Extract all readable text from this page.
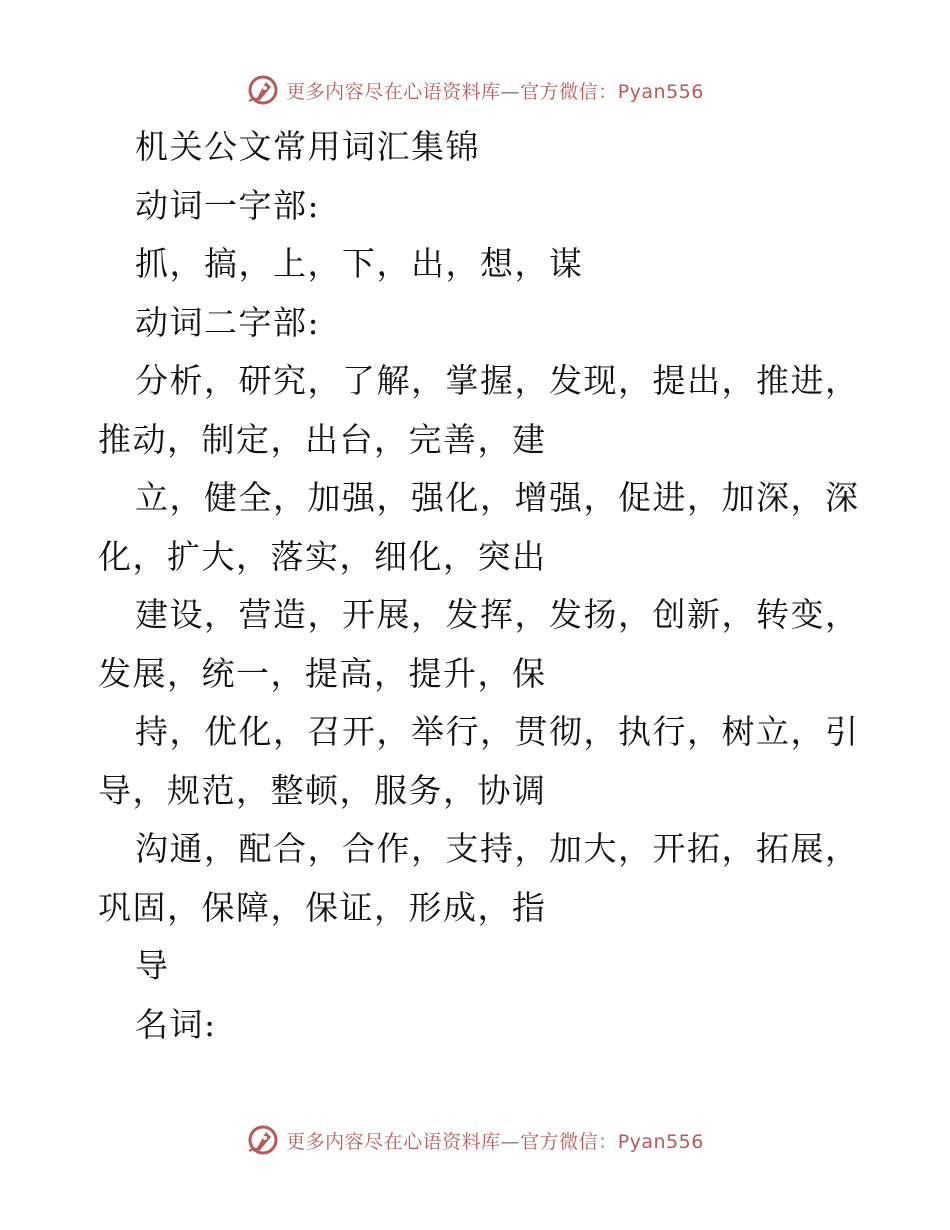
更多内容尽在心语资料库—官方微信：Pyan556
机关公文常用词汇集锦
动词一字部:
抓，搞，上，下，出，想，谋
动词二字部:
分析，研究，了解，掌握，发现，提出，推进，
推动，制定，出台，完善，建
立，健全，加强，强化，增强，促进，加深，深
化，扩大，落实，细化，突出
建设，营造，开展，发挥，发扬，创新，转变，
发展，统一，提高，提升，保
持，优化，召开，举行，贯彻，执行，树立，引
导，规范，整顿，服务，协调
沟通，配合，合作，支持，加大，开拓，拓展，
巩固，保障，保证，形成，指
导
名词:
更多内容尽在心语资料库—官方微信：Pyan556
